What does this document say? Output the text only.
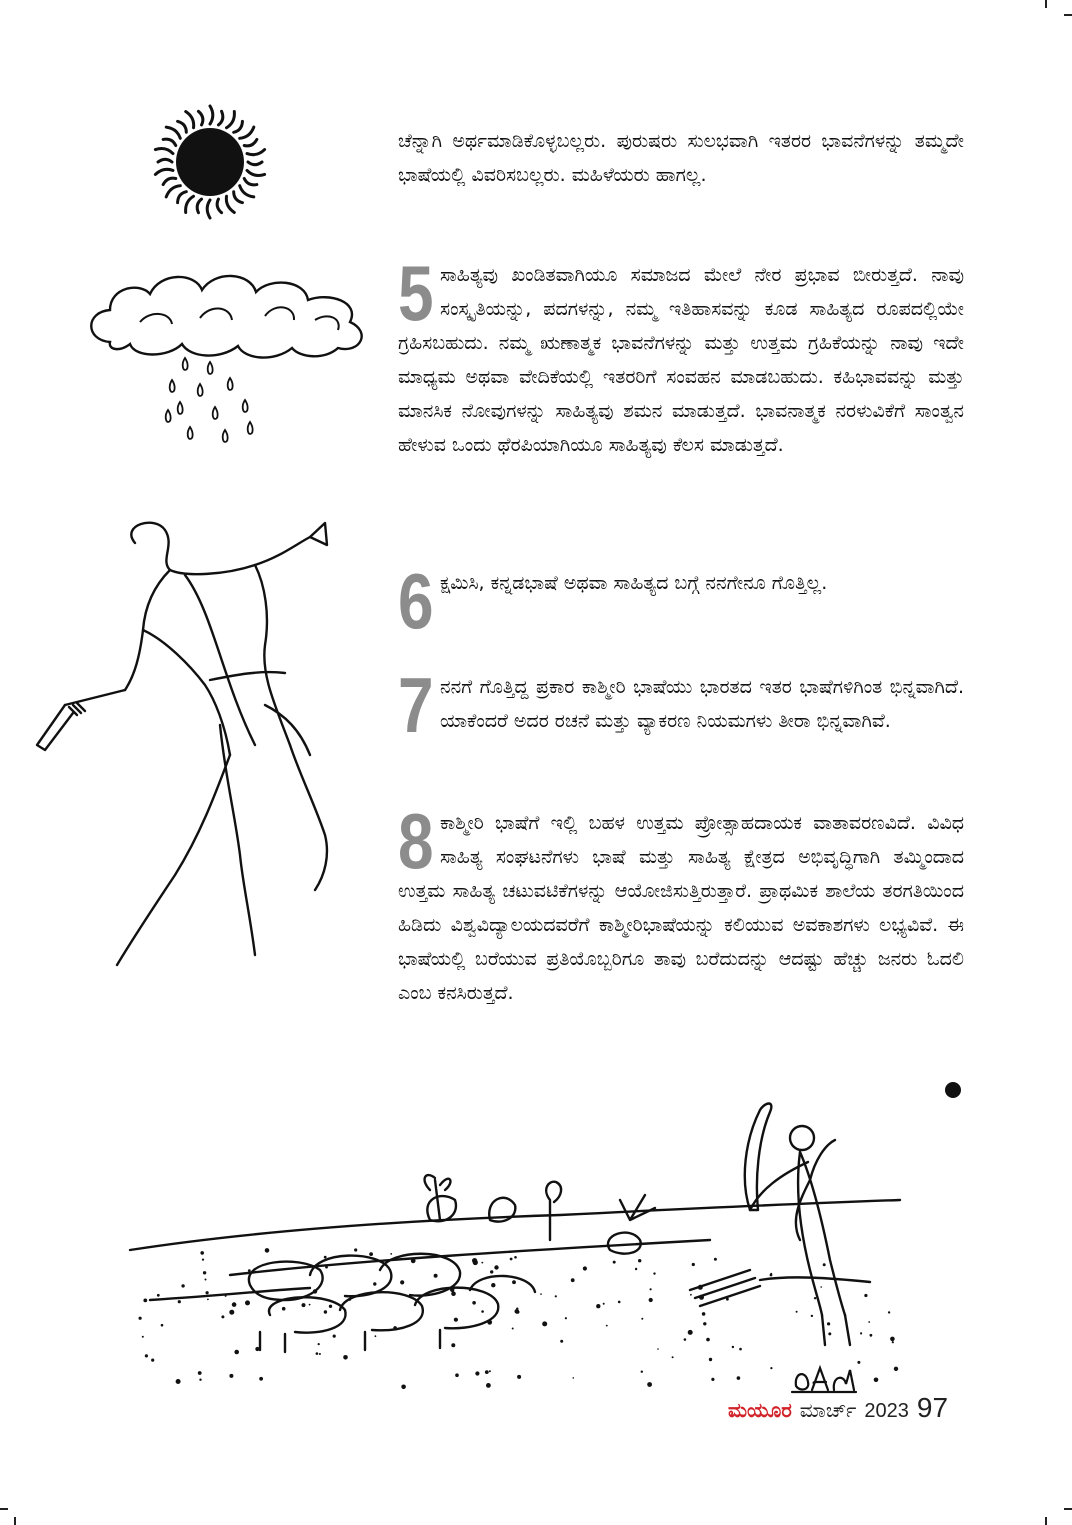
ಚೆನ್ನಾಗಿ ಅರ್ಥಮಾಡಿಕೊಳ್ಳಬಲ್ಲರು. ಪುರುಷರು ಸುಲಭವಾಗಿ ಇತರರ ಭಾವನೆಗಳನ್ನು ತಮ್ಮದೇ ಭಾಷೆಯಲ್ಲಿ ವಿವರಿಸಬಲ್ಲರು. ಮಹಿಳೆಯರು ಹಾಗಲ್ಲ.

5 ಸಾಹಿತ್ಯವು ಖಂಡಿತವಾಗಿಯೂ ಸಮಾಜದ ಮೇಲೆ ನೇರ ಪ್ರಭಾವ ಬೀರುತ್ತದೆ. ನಾವು ಸಂಸ್ಕೃತಿಯನ್ನು, ಪದಗಳನ್ನು, ನಮ್ಮ ಇತಿಹಾಸವನ್ನು ಕೂಡ ಸಾಹಿತ್ಯದ ರೂಪದಲ್ಲಿಯೇ ಗ್ರಹಿಸಬಹುದು. ನಮ್ಮ ಋಣಾತ್ಮಕ ಭಾವನೆಗಳನ್ನು ಮತ್ತು ಉತ್ತಮ ಗ್ರಹಿಕೆಯನ್ನು ನಾವು ಇದೇ ಮಾಧ್ಯಮ ಅಥವಾ ವೇದಿಕೆಯಲ್ಲಿ ಇತರರಿಗೆ ಸಂವಹನ ಮಾಡಬಹುದು. ಕಹಿಭಾವವನ್ನು ಮತ್ತು ಮಾನಸಿಕ ನೋವುಗಳನ್ನು ಸಾಹಿತ್ಯವು ಶಮನ ಮಾಡುತ್ತದೆ. ಭಾವನಾತ್ಮಕ ನರಳುವಿಕೆಗೆ ಸಾಂತ್ವನ ಹೇಳುವ ಒಂದು ಥೆರಪಿಯಾಗಿಯೂ ಸಾಹಿತ್ಯವು ಕೆಲಸ ಮಾಡುತ್ತದೆ.

6 ಕ್ಷಮಿಸಿ, ಕನ್ನಡಭಾಷೆ ಅಥವಾ ಸಾಹಿತ್ಯದ ಬಗ್ಗೆ ನನಗೇನೂ ಗೊತ್ತಿಲ್ಲ.

7 ನನಗೆ ಗೊತ್ತಿದ್ದ ಪ್ರಕಾರ ಕಾಶ್ಮೀರಿ ಭಾಷೆಯು ಭಾರತದ ಇತರ ಭಾಷೆಗಳಿಗಿಂತ ಭಿನ್ನವಾಗಿದೆ. ಯಾಕೆಂದರೆ ಅದರ ರಚನೆ ಮತ್ತು ವ್ಯಾಕರಣ ನಿಯಮಗಳು ತೀರಾ ಭಿನ್ನವಾಗಿವೆ.

8 ಕಾಶ್ಮೀರಿ ಭಾಷೆಗೆ ಇಲ್ಲಿ ಬಹಳ ಉತ್ತಮ ಪ್ರೋತ್ಸಾಹದಾಯಕ ವಾತಾವರಣವಿದೆ. ವಿವಿಧ ಸಾಹಿತ್ಯ ಸಂಘಟನೆಗಳು ಭಾಷೆ ಮತ್ತು ಸಾಹಿತ್ಯ ಕ್ಷೇತ್ರದ ಅಭಿವೃದ್ಧಿಗಾಗಿ ತಮ್ಮಿಂದಾದ ಉತ್ತಮ ಸಾಹಿತ್ಯ ಚಟುವಟಿಕೆಗಳನ್ನು ಆಯೋಜಿಸುತ್ತಿರುತ್ತಾರೆ. ಪ್ರಾಥಮಿಕ ಶಾಲೆಯ ತರಗತಿಯಿಂದ ಹಿಡಿದು ವಿಶ್ವವಿದ್ಯಾಲಯದವರೆಗೆ ಕಾಶ್ಮೀರಿಭಾಷೆಯನ್ನು ಕಲಿಯುವ ಅವಕಾಶಗಳು ಲಭ್ಯವಿವೆ. ಈ ಭಾಷೆಯಲ್ಲಿ ಬರೆಯುವ ಪ್ರತಿಯೊಬ್ಬರಿಗೂ ತಾವು ಬರೆದುದನ್ನು ಆದಷ್ಟು ಹೆಚ್ಚು ಜನರು ಓದಲಿ ಎಂಬ ಕನಸಿರುತ್ತದೆ.

ಮಯೂರ ಮಾರ್ಚ್ 2023 97
